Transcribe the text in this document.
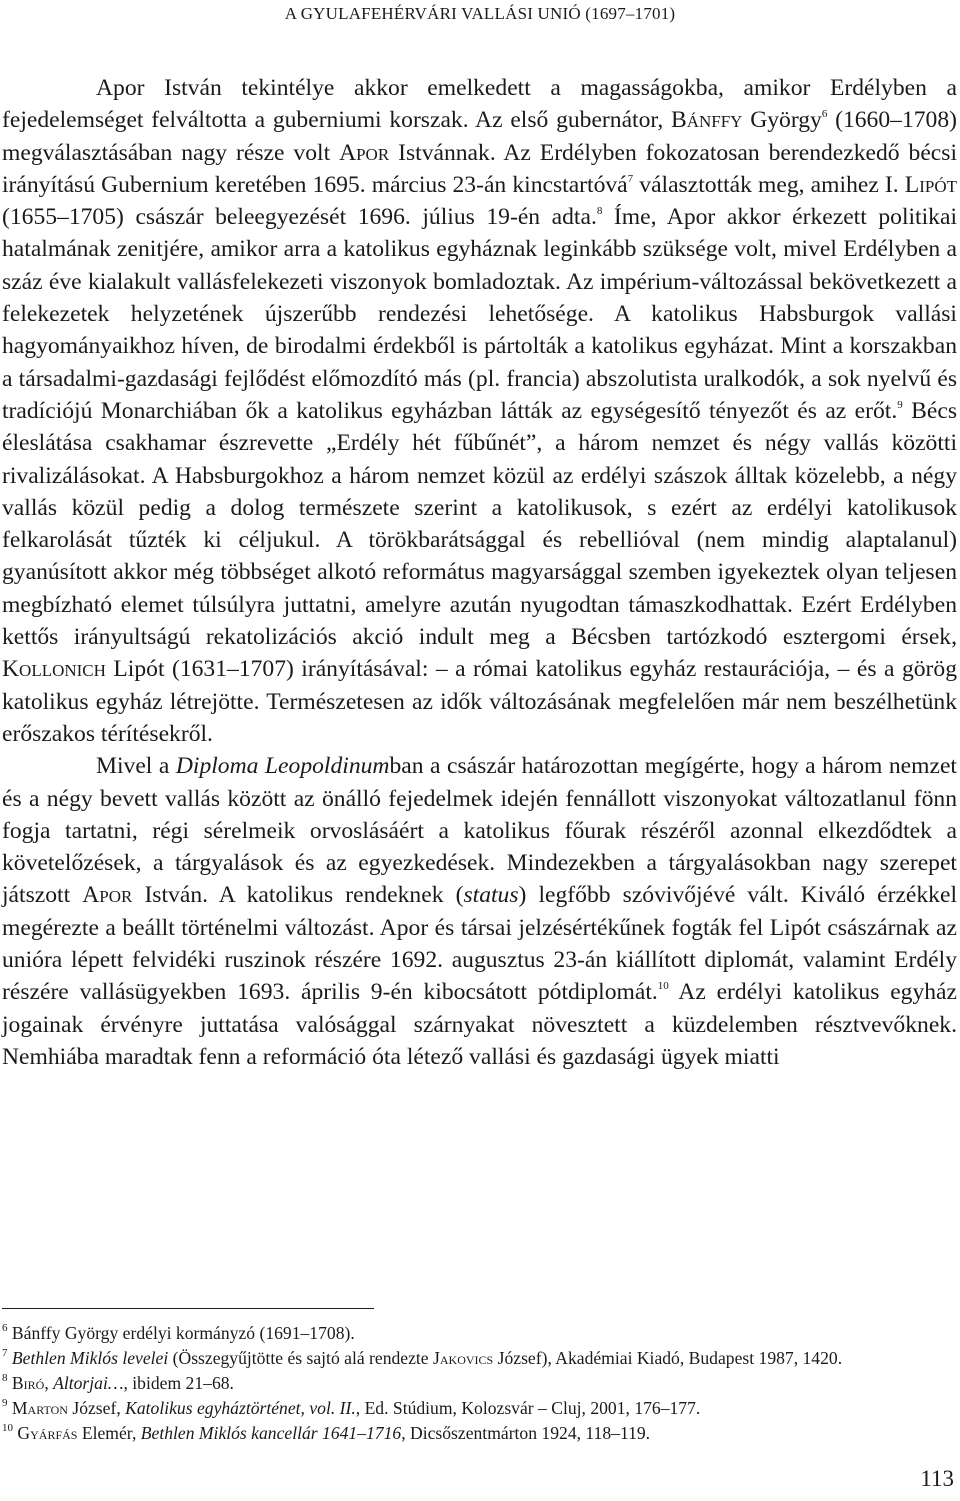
A GYULAFEHÉRVÁRI VALLÁSI UNIÓ (1697–1701)

Apor István tekintélye akkor emelkedett a magasságokba, amikor Erdélyben a fejedelemséget felváltotta a guberniumi korszak. Az első gubernátor, Bánffy György$^6$ (1660–1708) megválasztásában nagy része volt Apor Istvánnak. Az Erdélyben fokozatosan berendezkedő bécsi irányítású Gubernium keretében 1695. március 23-án kincstartóvá$^7$ választották meg, amihez I. Lipót (1655–1705) császár beleegyezését 1696. július 19-én adta.$^8$ Íme, Apor akkor érkezett politikai hatalmának zenitjére, amikor arra a katolikus egyháznak leginkább szüksége volt, mivel Erdélyben a száz éve kialakult vallásfelekezeti viszonyok bomladoztak. Az impérium-változással bekövetkezett a felekezetek helyzetének újszerűbb rendezési lehetősége. A katolikus Habsburgok vallási hagyományaikhoz híven, de birodalmi érdekből is pártolták a katolikus egyházat. Mint a korszakban a társadalmi-gazdasági fejlődést előmozdító más (pl. francia) abszolutista uralkodók, a sok nyelvű és tradíciójú Monarchiában ők a katolikus egyházban látták az egységesítő tényezőt és az erőt.$^9$ Bécs éleslátása csakhamar észrevette „Erdély hét fűbűnét”, a három nemzet és négy vallás közötti rivalizálásokat. A Habsburgokhoz a három nemzet közül az erdélyi szászok álltak közelebb, a négy vallás közül pedig a dolog természete szerint a katolikusok, s ezért az erdélyi katolikusok felkarolását tűzték ki céljukul. A törökbarátsággal és rebellióval (nem mindig alaptalanul) gyanúsított akkor még többséget alkotó református magyarsággal szemben igyekeztek olyan teljesen megbízható elemet túlsúlyra juttatni, amelyre azután nyugodtan támaszkodhattak. Ezért Erdélyben kettős irányultságú rekatolizációs akció indult meg a Bécsben tartózkodó esztergomi érsek, Kollonich Lipót (1631–1707) irányításával: – a római katolikus egyház restaurációja, – és a görög katolikus egyház létrejötte. Természetesen az idők változásának megfelelően már nem beszélhetünk erőszakos térítésekről.

Mivel a Diploma Leopoldinumban a császár határozottan megígérte, hogy a három nemzet és a négy bevett vallás között az önálló fejedelmek idején fennállott viszonyokat változatlanul fönn fogja tartatni, régi sérelmeik orvoslásáért a katolikus főurak részéről azonnal elkezdődtek a követelőzések, a tárgyalások és az egyezkedések. Mindezekben a tárgyalásokban nagy szerepet játszott Apor István. A katolikus rendeknek (status) legfőbb szóvivőjévé vált. Kiváló érzékkel megérezte a beállt történelmi változást. Apor és társai jelzésértékűnek fogták fel Lipót császárnak az unióra lépett felvidéki ruszinok részére 1692. augusztus 23-án kiállított diplomát, valamint Erdély részére vallásügyekben 1693. április 9-én kibocsátott pótdiplomát.$^{10}$ Az erdélyi katolikus egyház jogainak érvényre juttatása valósággal szárnyakat növesztett a küzdelemben résztvevőknek. Nemhiába maradtak fenn a reformáció óta létező vallási és gazdasági ügyek miatti

$^6$ Bánffy György erdélyi kormányzó (1691–1708).

$^7$ Bethlen Miklós levelei (Összegyűjtötte és sajtó alá rendezte Jakovics József), Akadémiai Kiadó, Budapest 1987, 1420.

$^8$ Biró, Altorjai…, ibidem 21–68.

$^9$ Marton József, Katolikus egyháztörténet, vol. II., Ed. Stúdium, Kolozsvár – Cluj, 2001, 176–177.

$^{10}$ Gyárfás Elemér, Bethlen Miklós kancellár 1641–1716, Dicsőszentmárton 1924, 118–119.

113
